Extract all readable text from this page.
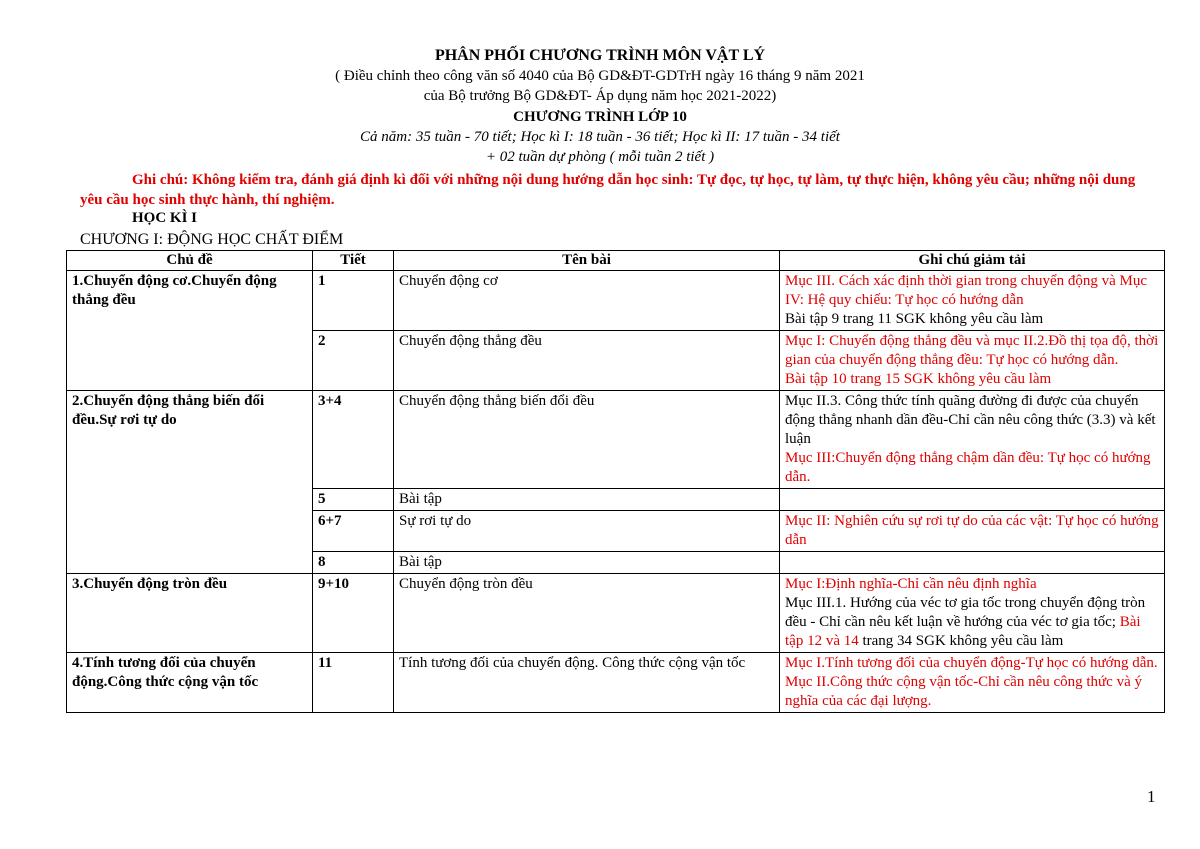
PHÂN PHỐI CHƯƠNG TRÌNH MÔN VẬT LÝ
( Điều chỉnh theo công văn số 4040 của Bộ GD&ĐT-GDTrH ngày 16 tháng 9 năm 2021
của Bộ trưởng Bộ GD&ĐT- Áp dụng năm học 2021-2022)
CHƯƠNG TRÌNH LỚP 10
Cả năm: 35 tuần - 70 tiết; Học kì I: 18 tuần - 36 tiết; Học kì II: 17 tuần - 34 tiết
+ 02 tuần dự phòng ( mỗi tuần 2 tiết )
Ghi chú: Không kiểm tra, đánh giá định kì đối với những nội dung hướng dẫn học sinh: Tự đọc, tự học, tự làm, tự thực hiện, không yêu cầu; những nội dung yêu cầu học sinh thực hành, thí nghiệm.
HỌC KÌ I
CHƯƠNG I: ĐỘNG HỌC CHẤT ĐIỂM
Chủ đề	Tiết	Tên bài	Ghi chú giảm tải
1.Chuyển động cơ.Chuyển động thẳng đều	1	Chuyển động cơ	Mục III. Cách xác định thời gian trong chuyển động và Mục IV: Hệ quy chiếu: Tự học có hướng dẫn
Bài tập 9 trang 11 SGK không yêu cầu làm

	2	Chuyển động thẳng đều	Mục I: Chuyển động thẳng đều và mục II.2.Đồ thị tọa độ, thời gian của chuyển động thẳng đều: Tự học có hướng dẫn.
Bài tập 10 trang 15 SGK không yêu cầu làm

2.Chuyển động thẳng biến đổi đều.Sự rơi tự do	3+4	Chuyển động thẳng biến đổi đều	Mục II.3. Công thức tính quãng đường đi được của chuyển động thẳng nhanh dần đều-Chỉ cần nêu công thức (3.3) và kết luận
Mục III:Chuyển động thẳng chậm dần đều: Tự học có hướng dẫn.

	5	Bài tập	
	6+7	Sự rơi tự do	Mục II: Nghiên cứu sự rơi tự do của các vật: Tự học có hướng dẫn

	8	Bài tập	
3.Chuyển động tròn đều	9+10	Chuyển động tròn đều	Mục I:Định nghĩa-Chỉ cần nêu định nghĩa
Mục III.1. Hướng của véc tơ gia tốc trong chuyển động tròn đều - Chỉ cần nêu kết luận về hướng của véc tơ gia tốc; Bài tập 12 và 14 trang 34 SGK không yêu cầu làm

4.Tính tương đối của chuyển động.Công thức cộng vận tốc	11	Tính tương đối của chuyển động. Công thức cộng vận tốc	Mục I.Tính tương đối của chuyển động-Tự học có hướng dẫn.
Mục II.Công thức cộng vận tốc-Chỉ cần nêu công thức và ý nghĩa của các đại lượng.
1
